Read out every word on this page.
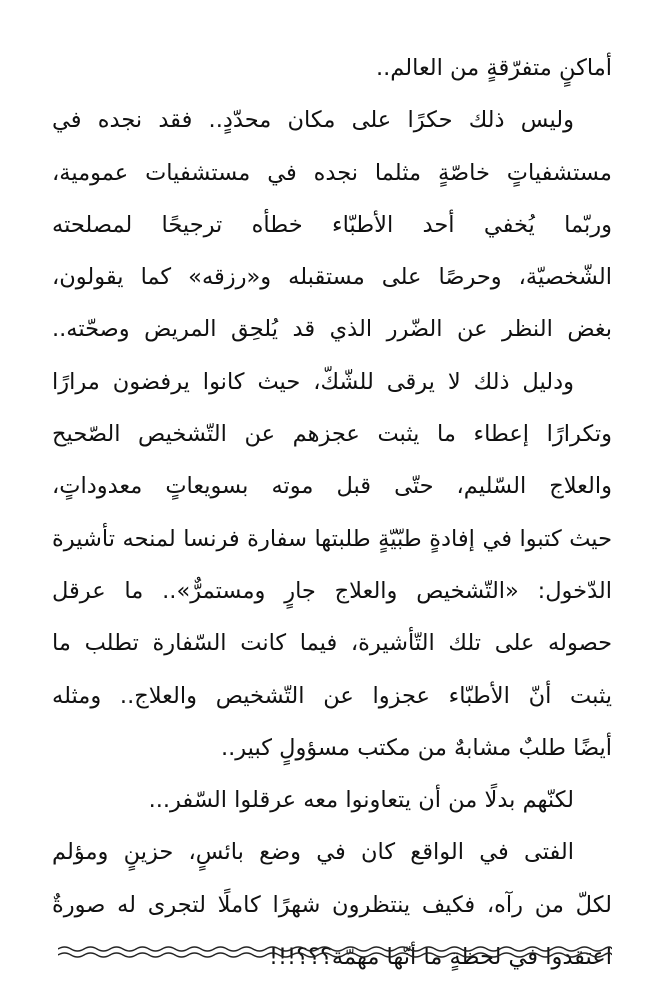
أماكنٍ متفرّقةٍ من العالم..
وليس ذلك حكرًا على مكان محدّدٍ.. فقد نجده في
مستشفياتٍ خاصّةٍ مثلما نجده في مستشفيات عمومية،
وربّما يُخفي أحد الأطبّاء خطأه ترجيحًا لمصلحته
الشّخصيّة، وحرصًا على مستقبله و«رزقه» كما يقولون،
بغض النظر عن الضّرر الذي قد يُلحِق المريض وصحّته..
ودليل ذلك لا يرقى للشّكّ، حيث كانوا يرفضون مرارًا
وتكرارًا إعطاء ما يثبت عجزهم عن التّشخيص الصّحيح
والعلاج السّليم، حتّى قبل موته بسويعاتٍ معدوداتٍ،
حيث كتبوا في إفادةٍ طبّيّةٍ طلبتها سفارة فرنسا لمنحه تأشيرة
الدّخول: «التّشخيص والعلاج جارٍ ومستمرٌّ».. ما عرقل
حصوله على تلك التّأشيرة، فيما كانت السّفارة تطلب ما
يثبت أنّ الأطبّاء عجزوا عن التّشخيص والعلاج.. ومثله
أيضًا طلبٌ مشابهٌ من مكتب مسؤولٍ كبير..
لكنّهم بدلًا من أن يتعاونوا معه عرقلوا السّفر...
الفتى في الواقع كان في وضع بائسٍ، حزينٍ ومؤلم
لكلّ من رآه، فكيف ينتظرون شهرًا كاملًا لتجرى له صورةٌ
اعتقدوا في لحظةٍ ما أنّها مهمّة؟؟؟!!!
